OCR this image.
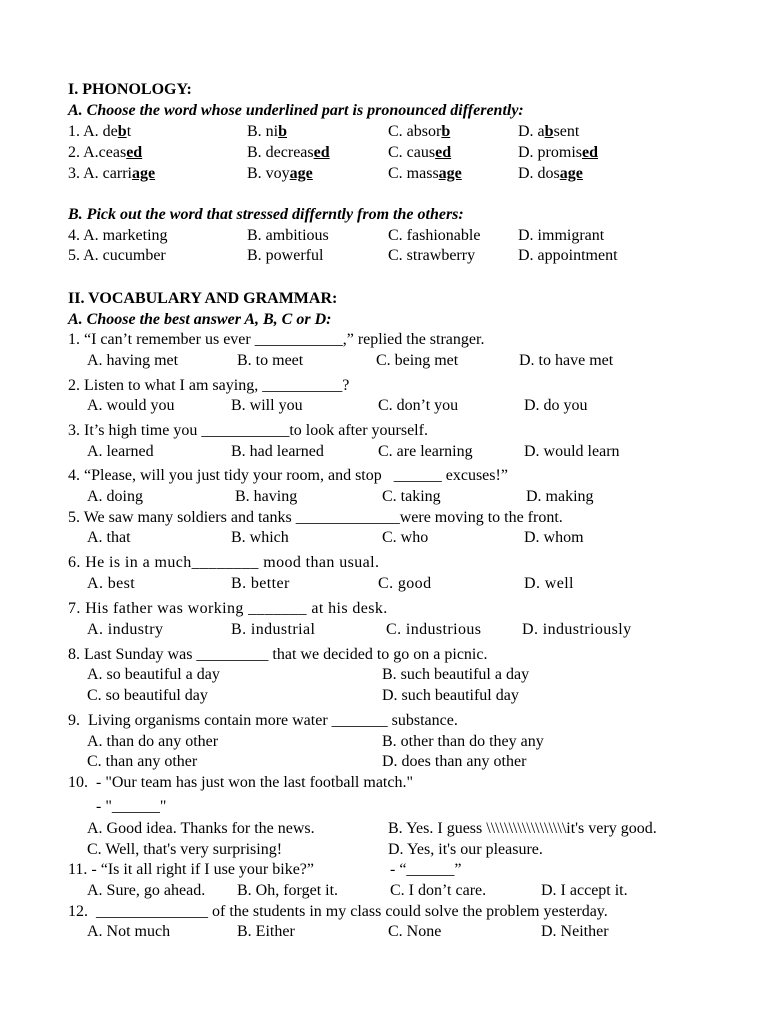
I. PHONOLOGY:
A. Choose the word whose underlined part is pronounced differently:
1. A. debt	B. nib	C. absorb	D. absent
2. A.ceased	B. decreased	C. caused	D. promised
3. A. carriage	B. voyage	C. massage	D. dosage
B. Pick out the word that stressed differntly from the others:
4. A. marketing	B. ambitious	C. fashionable D. immigrant
5. A. cucumber	B. powerful	C. strawberry	D. appointment
II. VOCABULARY AND GRAMMAR:
A. Choose the best answer A, B, C or D:
1. “I can’t remember us ever ___________,” replied the stranger.
A. having met	B. to meet	C. being met	D. to have met
2. Listen to what I am saying, __________?
A. would you	B. will you	C. don’t you	D. do you
3. It’s high time you ___________to look after yourself.
A. learned	B. had learned	C. are learning	D. would learn
4. “Please, will you just tidy your room, and stop   ______ excuses!”
A. doing	B. having	C. taking	D. making
5. We saw many soldiers and tanks _____________were moving to the front.
A. that	B. which	C. who	D. whom
6. He is in a much________ mood than usual.
A. best	B. better	C. good	D. well
7. His father was working _______ at his desk.
A. industry	B. industrial	C. industrious	D. industriously
8. Last Sunday was _________ that we decided to go on a picnic.
A. so beautiful a day	B. such beautiful a day
C. so beautiful day	D. such beautiful day
9.  Living organisms contain more water _______ substance.
A. than do any other	B. other than do they any
C. than any other	D. does than any other
10.  - "Our team has just won the last football match."
- "______"
A. Good idea. Thanks for the news.	B. Yes. I guess \\\\\\\\\\\\\\\\\\it's very good.
C. Well, that's very surprising!	D. Yes, it's our pleasure.
11. - “Is it all right if I use your bike?”	- “______”
A. Sure, go ahead. B. Oh, forget it.	C. I don’t care.	D. I accept it.
12.  ______________ of the students in my class could solve the problem yesterday.
A. Not much	B. Either	C. None	D. Neither
